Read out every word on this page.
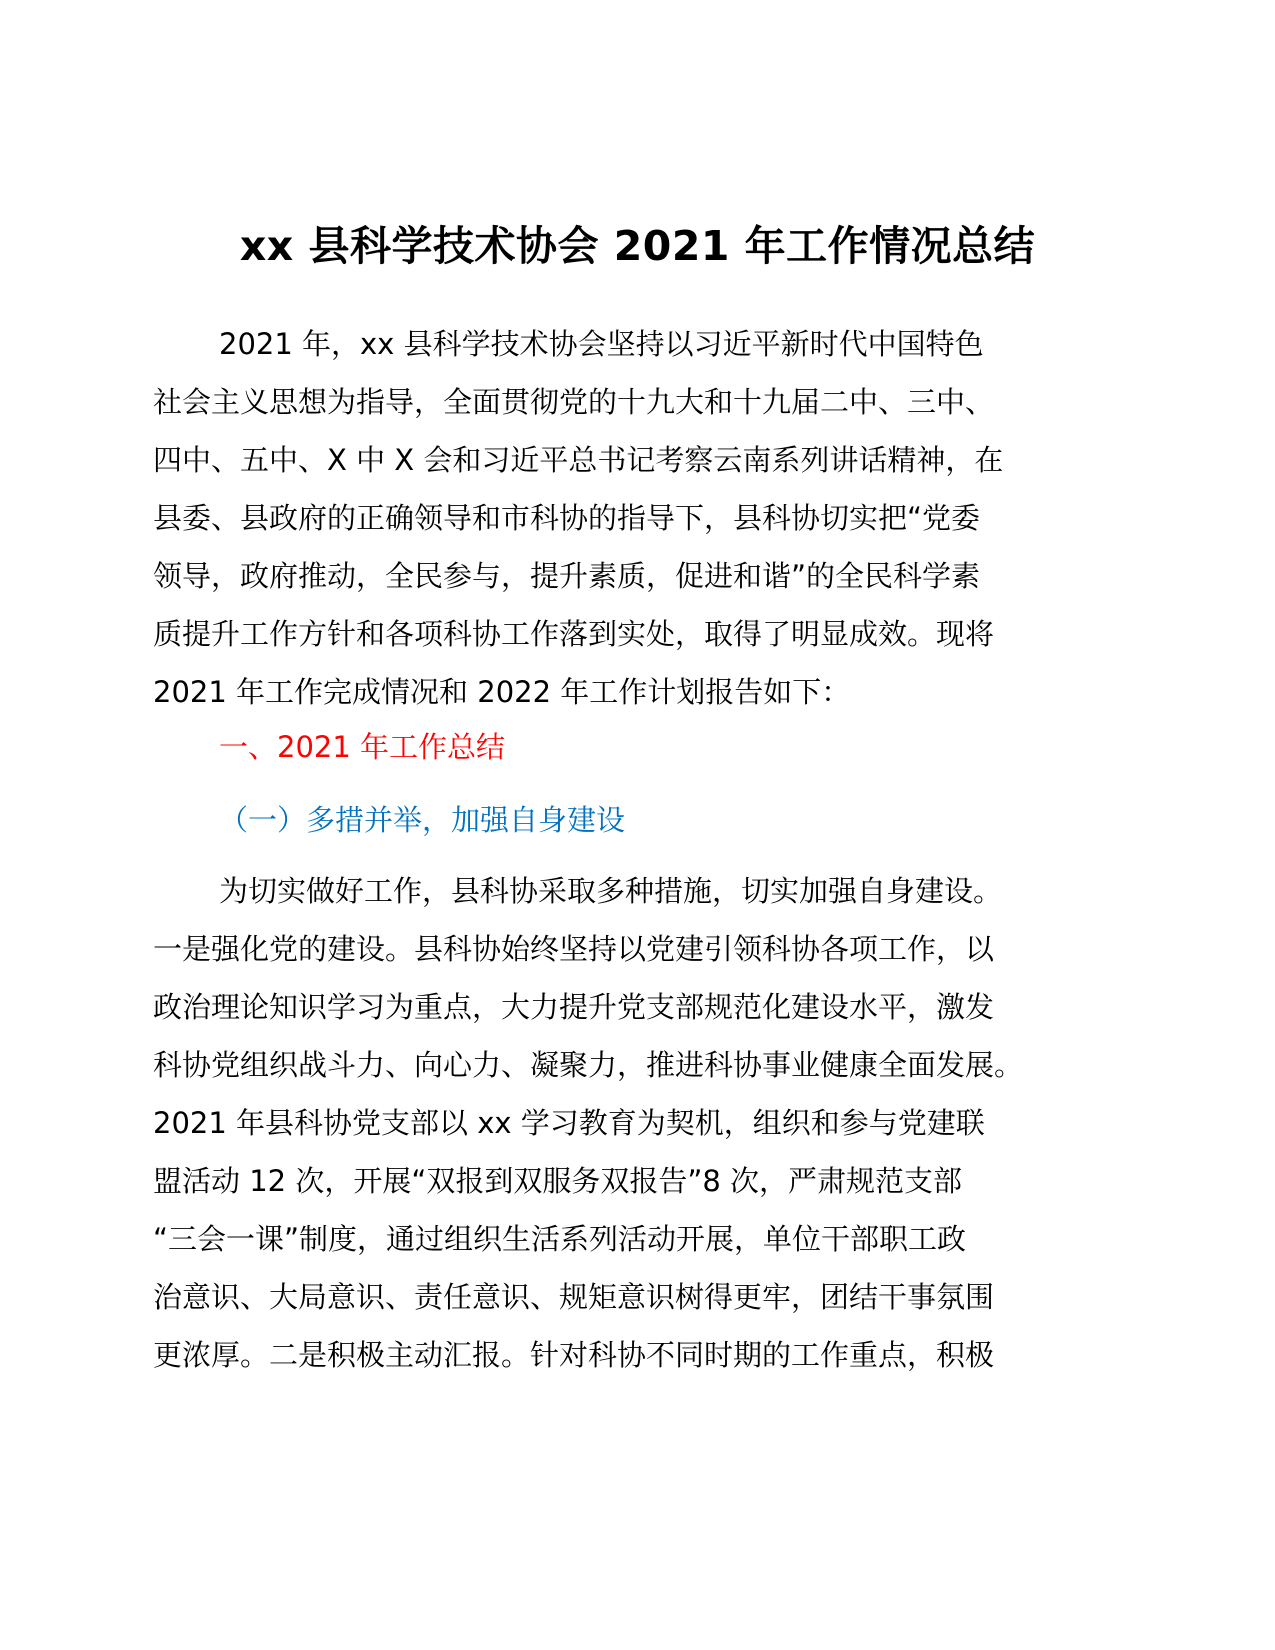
xx 县科学技术协会 2021 年工作情况总结
2021 年，xx 县科学技术协会坚持以习近平新时代中国特色
社会主义思想为指导，全面贯彻党的十九大和十九届二中、三中、
四中、五中、X 中 X 会和习近平总书记考察云南系列讲话精神，在
县委、县政府的正确领导和市科协的指导下，县科协切实把“党委
领导，政府推动，全民参与，提升素质，促进和谐”的全民科学素
质提升工作方针和各项科协工作落到实处，取得了明显成效。现将
2021 年工作完成情况和 2022 年工作计划报告如下：
一、2021 年工作总结
（一）多措并举，加强自身建设
为切实做好工作，县科协采取多种措施，切实加强自身建设。
一是强化党的建设。县科协始终坚持以党建引领科协各项工作，以
政治理论知识学习为重点，大力提升党支部规范化建设水平，激发
科协党组织战斗力、向心力、凝聚力，推进科协事业健康全面发展。
2021 年县科协党支部以 xx 学习教育为契机，组织和参与党建联
盟活动 12 次，开展“双报到双服务双报告”8 次，严肃规范支部
“三会一课”制度，通过组织生活系列活动开展，单位干部职工政
治意识、大局意识、责任意识、规矩意识树得更牢，团结干事氛围
更浓厚。二是积极主动汇报。针对科协不同时期的工作重点，积极
